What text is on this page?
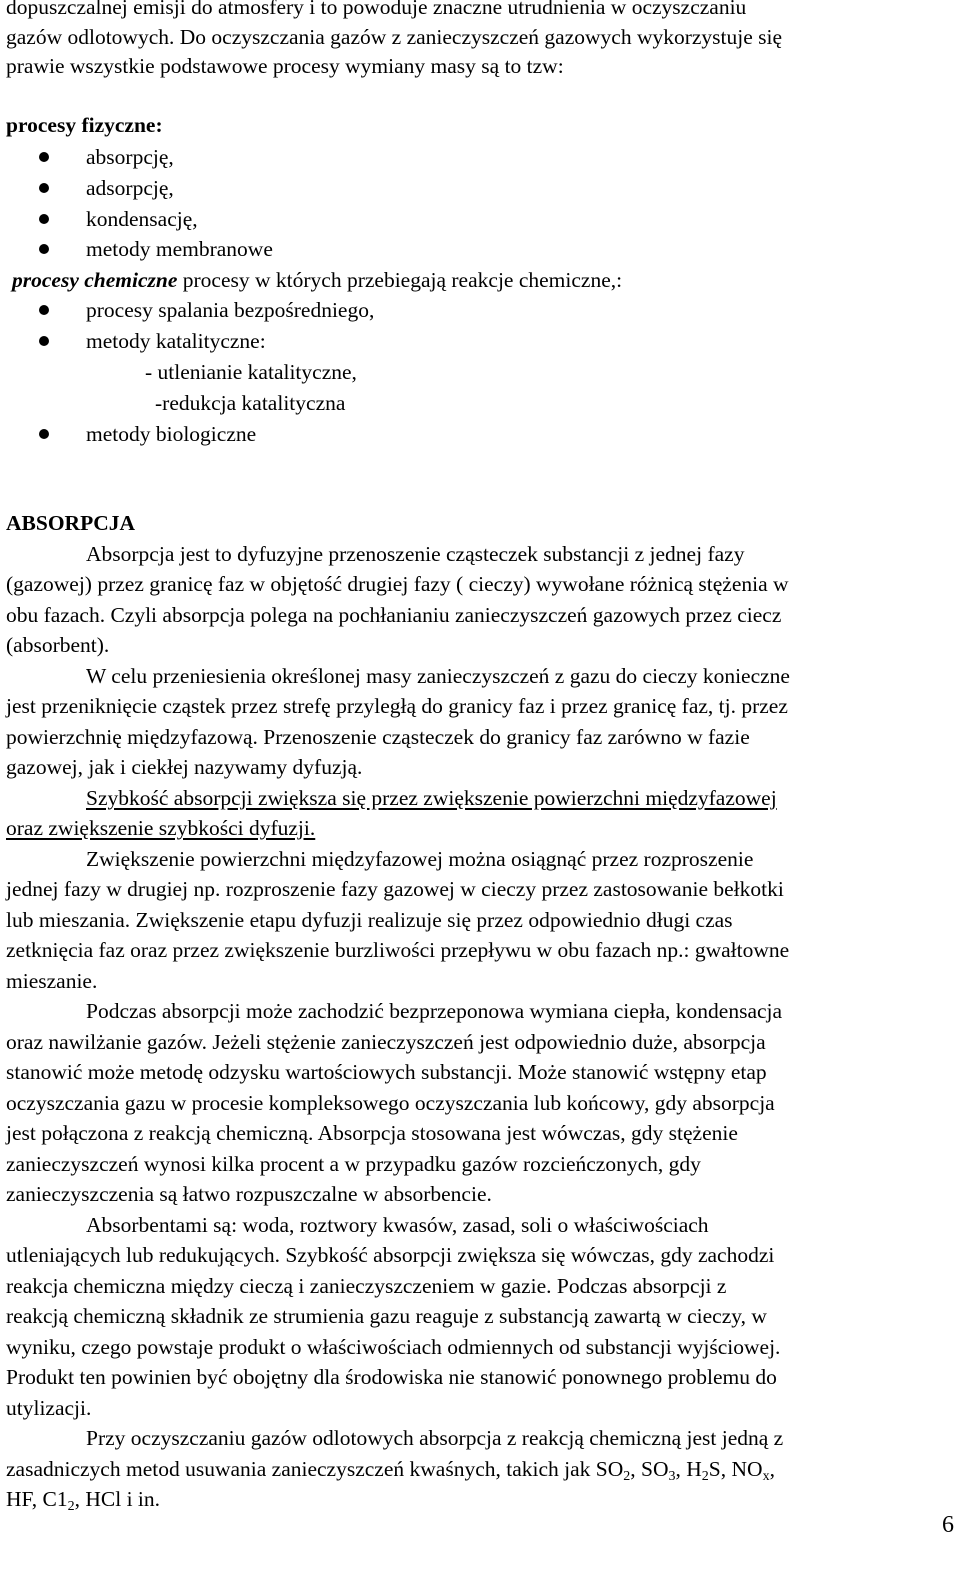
dopuszczalnej emisji do atmosfery i to powoduje znaczne utrudnienia w oczyszczaniu
gazów odlotowych. Do oczyszczania gazów z zanieczyszczeń gazowych wykorzystuje się
prawie wszystkie podstawowe procesy wymiany masy są to tzw:
procesy fizyczne:
absorpcję,
adsorpcję,
kondensację,
metody membranowe
procesy chemiczne procesy w których przebiegają reakcje chemiczne,:
procesy spalania bezpośredniego,
metody katalityczne:
- utlenianie katalityczne,
-redukcja katalityczna
metody biologiczne
ABSORPCJA
Absorpcja jest to dyfuzyjne przenoszenie cząsteczek substancji z jednej fazy
(gazowej) przez granicę faz w objętość drugiej fazy ( cieczy) wywołane różnicą stężenia w
obu fazach. Czyli absorpcja polega na pochłanianiu zanieczyszczeń gazowych przez ciecz
(absorbent).
W celu przeniesienia określonej masy zanieczyszczeń z gazu do cieczy konieczne
jest przeniknięcie cząstek przez strefę przyległą do granicy faz i przez granicę faz, tj. przez
powierzchnię międzyfazową. Przenoszenie cząsteczek do granicy faz zarówno w fazie
gazowej, jak i ciekłej nazywamy dyfuzją.
Szybkość absorpcji zwiększa się przez zwiększenie powierzchni międzyfazowej
oraz zwiększenie szybkości dyfuzji.
Zwiększenie powierzchni międzyfazowej można osiągnąć przez rozproszenie
jednej fazy w drugiej np. rozproszenie fazy gazowej w cieczy przez zastosowanie bełkotki
lub mieszania. Zwiększenie etapu dyfuzji realizuje się przez odpowiednio długi czas
zetknięcia faz oraz przez zwiększenie burzliwości przepływu w obu fazach np.: gwałtowne
mieszanie.
Podczas absorpcji może zachodzić bezprzeponowa wymiana ciepła, kondensacja
oraz nawilżanie gazów. Jeżeli stężenie zanieczyszczeń jest odpowiednio duże, absorpcja
stanowić może metodę odzysku wartościowych substancji. Może stanowić wstępny etap
oczyszczania gazu w procesie kompleksowego oczyszczania lub końcowy, gdy absorpcja
jest połączona z reakcją chemiczną. Absorpcja stosowana jest wówczas, gdy stężenie
zanieczyszczeń wynosi kilka procent a w przypadku gazów rozcieńczonych, gdy
zanieczyszczenia są łatwo rozpuszczalne w absorbencie.
Absorbentami są: woda, roztwory kwasów, zasad, soli o właściwościach
utleniających lub redukujących. Szybkość absorpcji zwiększa się wówczas, gdy zachodzi
reakcja chemiczna między cieczą i zanieczyszczeniem w gazie. Podczas absorpcji z
reakcją chemiczną składnik ze strumienia gazu reaguje z substancją zawartą w cieczy, w
wyniku, czego powstaje produkt o właściwościach odmiennych od substancji wyjściowej.
Produkt ten powinien być obojętny dla środowiska nie stanowić ponownego problemu do
utylizacji.
Przy oczyszczaniu gazów odlotowych absorpcja z reakcją chemiczną jest jedną z
zasadniczych metod usuwania zanieczyszczeń kwaśnych, takich jak $SO_2$, $SO_3$, $H_2S$, $NO_x$,
HF, $C1_2$, HCl i in.
6
